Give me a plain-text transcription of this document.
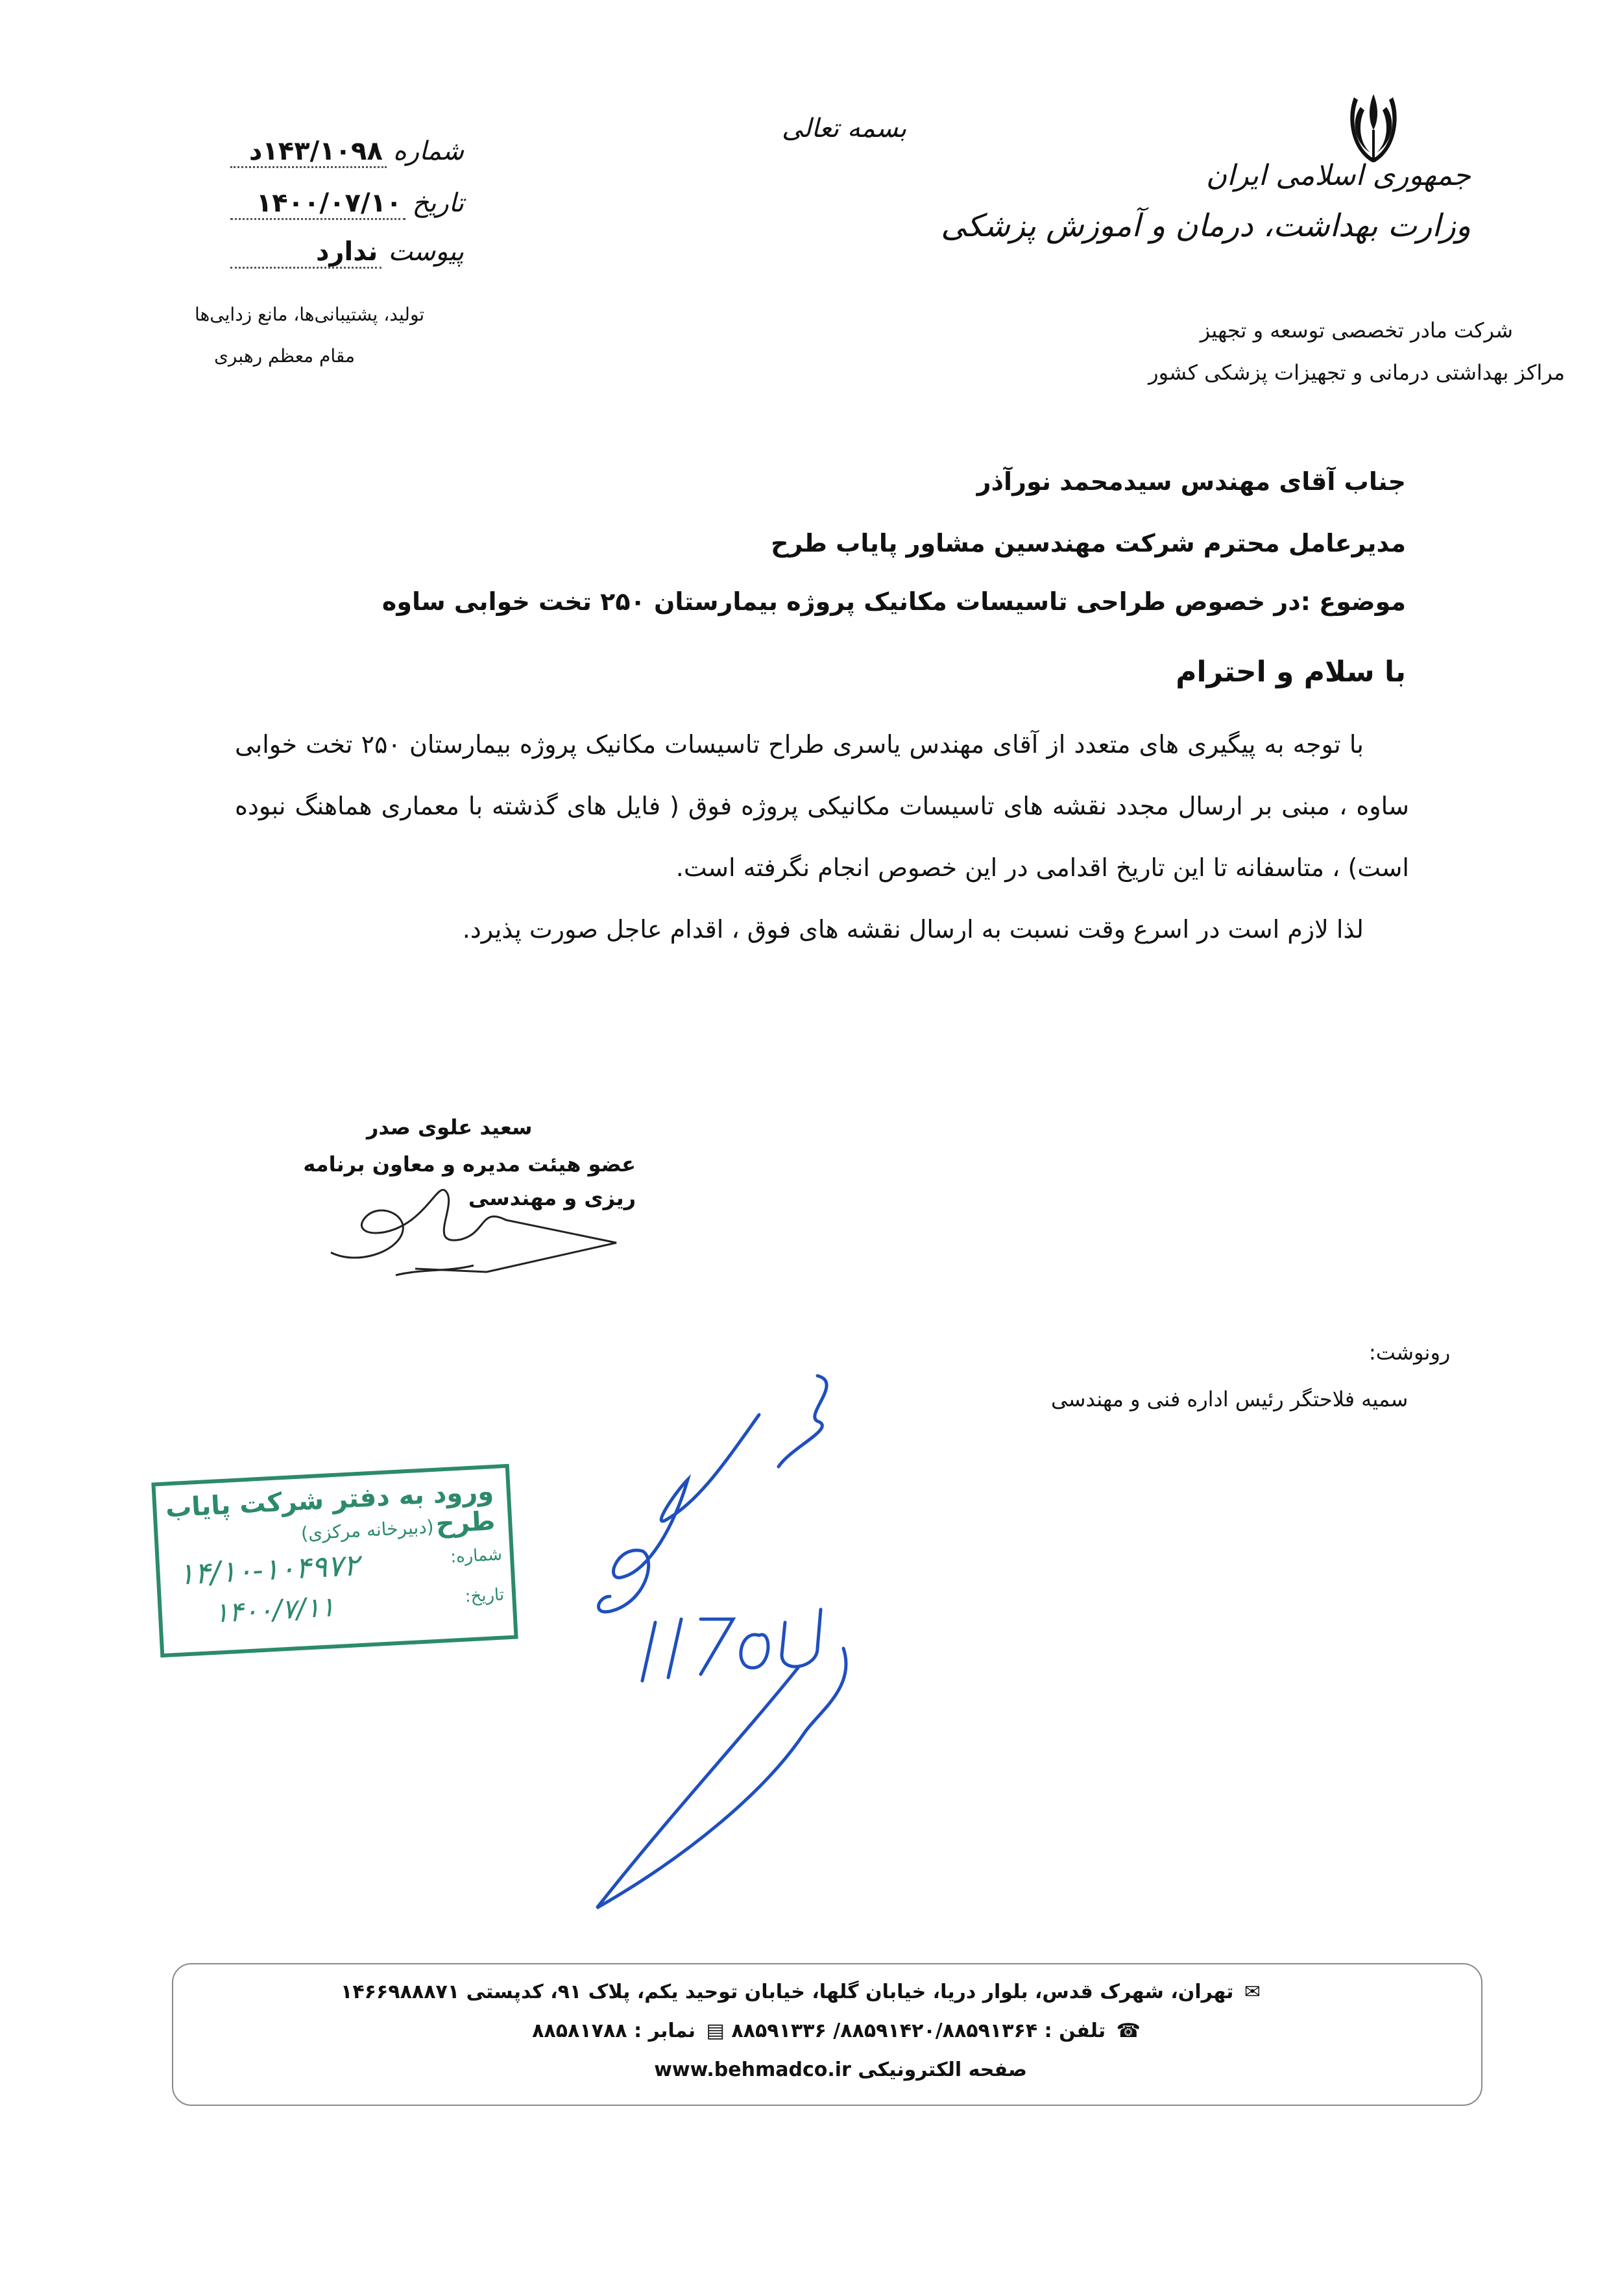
جمهوری اسلامی ایران
وزارت بهداشت، درمان و آموزش پزشکی
شرکت مادر تخصصی توسعه و تجهیز
مراکز بهداشتی درمانی و تجهیزات پزشکی کشور
بسمه تعالی
شماره
۱۴۳/۱۰۹۸د
تاریخ
۱۴۰۰/۰۷/۱۰
پیوست
ندارد
تولید، پشتیبانی‌ها، مانع زدایی‌ها
مقام معظم رهبری
جناب آقای مهندس سیدمحمد نورآذر
مدیرعامل محترم شرکت مهندسین مشاور پایاب طرح
موضوع :در خصوص طراحی تاسیسات مکانیک پروژه بیمارستان ۲۵۰ تخت خوابی ساوه
با سلام و احترام

با توجه به پیگیری های متعدد از آقای مهندس یاسری طراح تاسیسات مکانیک پروژه بیمارستان ۲۵۰ تخت خوابی ساوه ، مبنی بر ارسال مجدد نقشه های تاسیسات مکانیکی پروژه فوق ( فایل های گذشته با معماری هماهنگ نبوده است) ، متاسفانه تا این تاریخ اقدامی در این خصوص انجام نگرفته است.

لذا لازم است در اسرع وقت نسبت به ارسال نقشه های فوق ، اقدام عاجل صورت پذیرد.

سعید علوی صدر
عضو هیئت مدیره و معاون برنامه ریزی و مهندسی
رونوشت:
سمیه فلاحتگر رئیس اداره فنی و مهندسی
ورود به دفتر شرکت پایاب طرح
(دبیرخانه مرکزی)
شماره:
تاریخ:
۱۴/۱۰-۱۰۴۹۷۲
۱۴۰۰/۷/۱۱
✉ تهران، شهرک قدس، بلوار دریا، خیابان گلها، خیابان توحید یکم، پلاک ۹۱، کدپستی ۱۴۶۶۹۸۸۸۷۱
☎ تلفن : ۸۸۵۹۱۴۲۰/۸۸۵۹۱۳۶۴/ ۸۸۵۹۱۳۳۶ ▤ نمابر : ۸۸۵۸۱۷۸۸
صفحه الکترونیکی www.behmadco.ir
